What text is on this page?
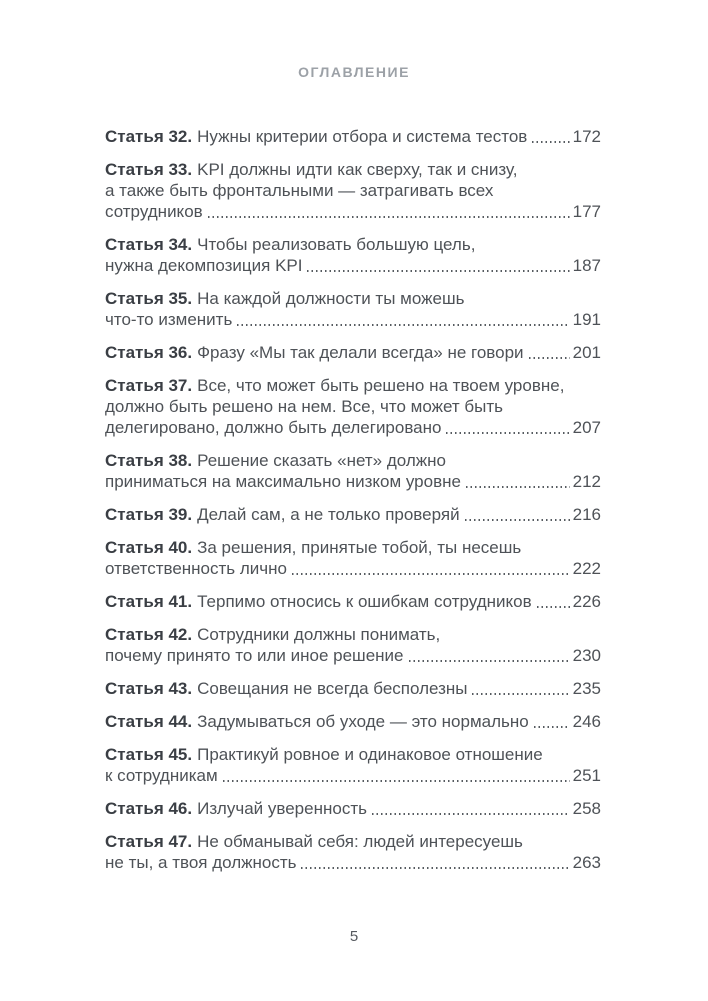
ОГЛАВЛЕНИЕ
Статья 32. Нужны критерии отбора и система тестов	172
Статья 33. KPI должны идти как сверху, так и снизу,
а также быть фронтальными — затрагивать всех
сотрудников	177
Статья 34. Чтобы реализовать большую цель,
нужна декомпозиция KPI	187
Статья 35. На каждой должности ты можешь
что-то изменить	191
Статья 36. Фразу «Мы так делали всегда» не говори	201
Статья 37. Все, что может быть решено на твоем уровне,
должно быть решено на нем. Все, что может быть
делегировано, должно быть делегировано	207
Статья 38. Решение сказать «нет» должно
приниматься на максимально низком уровне	212
Статья 39. Делай сам, а не только проверяй	216
Статья 40. За решения, принятые тобой, ты несешь
ответственность лично	222
Статья 41. Терпимо относись к ошибкам сотрудников 226
Статья 42. Сотрудники должны понимать,
почему принято то или иное решение	230
Статья 43. Совещания не всегда бесполезны	235
Статья 44. Задумываться об уходе — это нормально	246
Статья 45. Практикуй ровное и одинаковое отношение
к сотрудникам	251
Статья 46. Излучай уверенность	258
Статья 47. Не обманывай себя: людей интересуешь
не ты, а твоя должность	263
5
